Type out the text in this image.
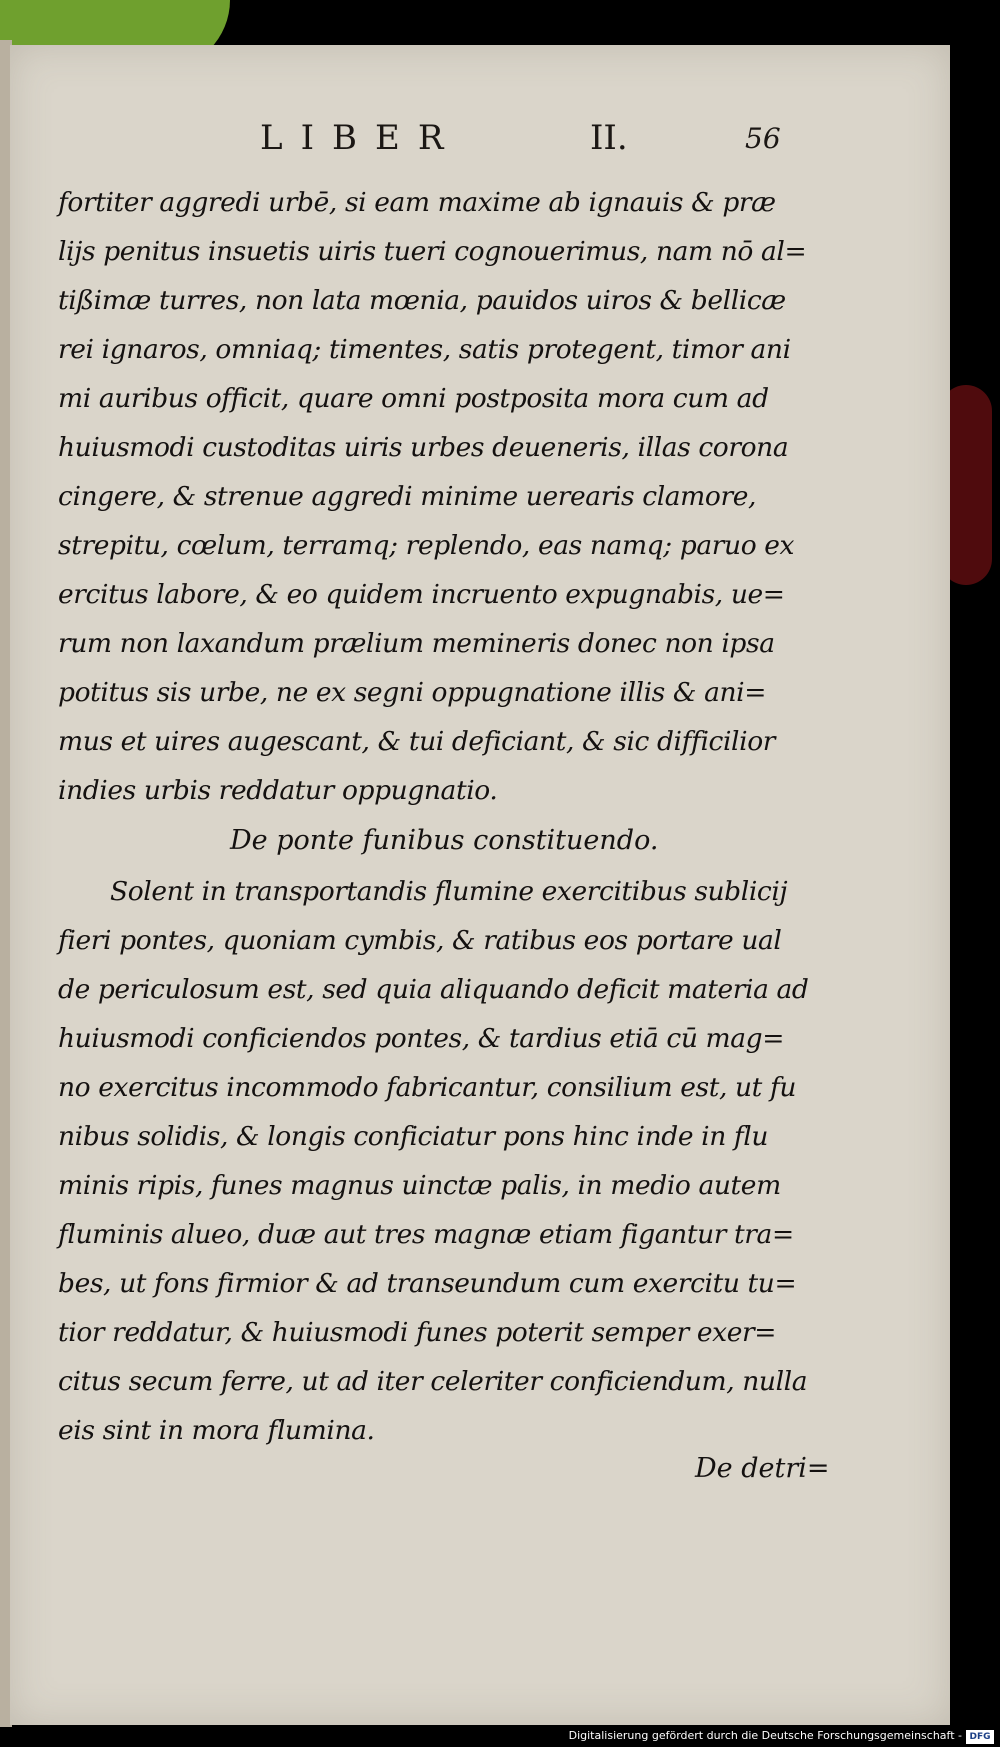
LIBER	II.	56
fortiter aggredi urbē, si eam maxime ab ignauis & præ
lijs penitus insuetis uiris tueri cognouerimus, nam nō al=
tißimæ turres, non lata mœnia, pauidos uiros & bellicæ
rei ignaros, omniaq; timentes, satis protegent, timor ani
mi auribus officit, quare omni postposita mora cum ad
huiusmodi custoditas uiris urbes deueneris, illas corona
cingere, & strenue aggredi minime uerearis clamore,
strepitu, cœlum, terramq; replendo, eas namq; paruo ex
ercitus labore, & eo quidem incruento expugnabis, ue=
rum non laxandum prælium memineris donec non ipsa
potitus sis urbe, ne ex segni oppugnatione illis & ani=
mus et uires augescant, & tui deficiant, & sic difficilior
indies urbis reddatur oppugnatio.
De ponte funibus constituendo.
Solent in transportandis flumine exercitibus sublicij
fieri pontes, quoniam cymbis, & ratibus eos portare ual
de periculosum est, sed quia aliquando deficit materia ad
huiusmodi conficiendos pontes, & tardius etiā cū mag=
no exercitus incommodo fabricantur, consilium est, ut fu
nibus solidis, & longis conficiatur pons hinc inde in flu
minis ripis, funes magnus uinctæ palis, in medio autem
fluminis alueo, duæ aut tres magnæ etiam figantur tra=
bes, ut fons firmior & ad transeundum cum exercitu tu=
tior reddatur, & huiusmodi funes poterit semper exer=
citus secum ferre, ut ad iter celeriter conficiendum, nulla
eis sint in mora flumina.
De detri=
Digitalisierung gefördert durch die Deutsche Forschungsgemeinschaft - DFG
